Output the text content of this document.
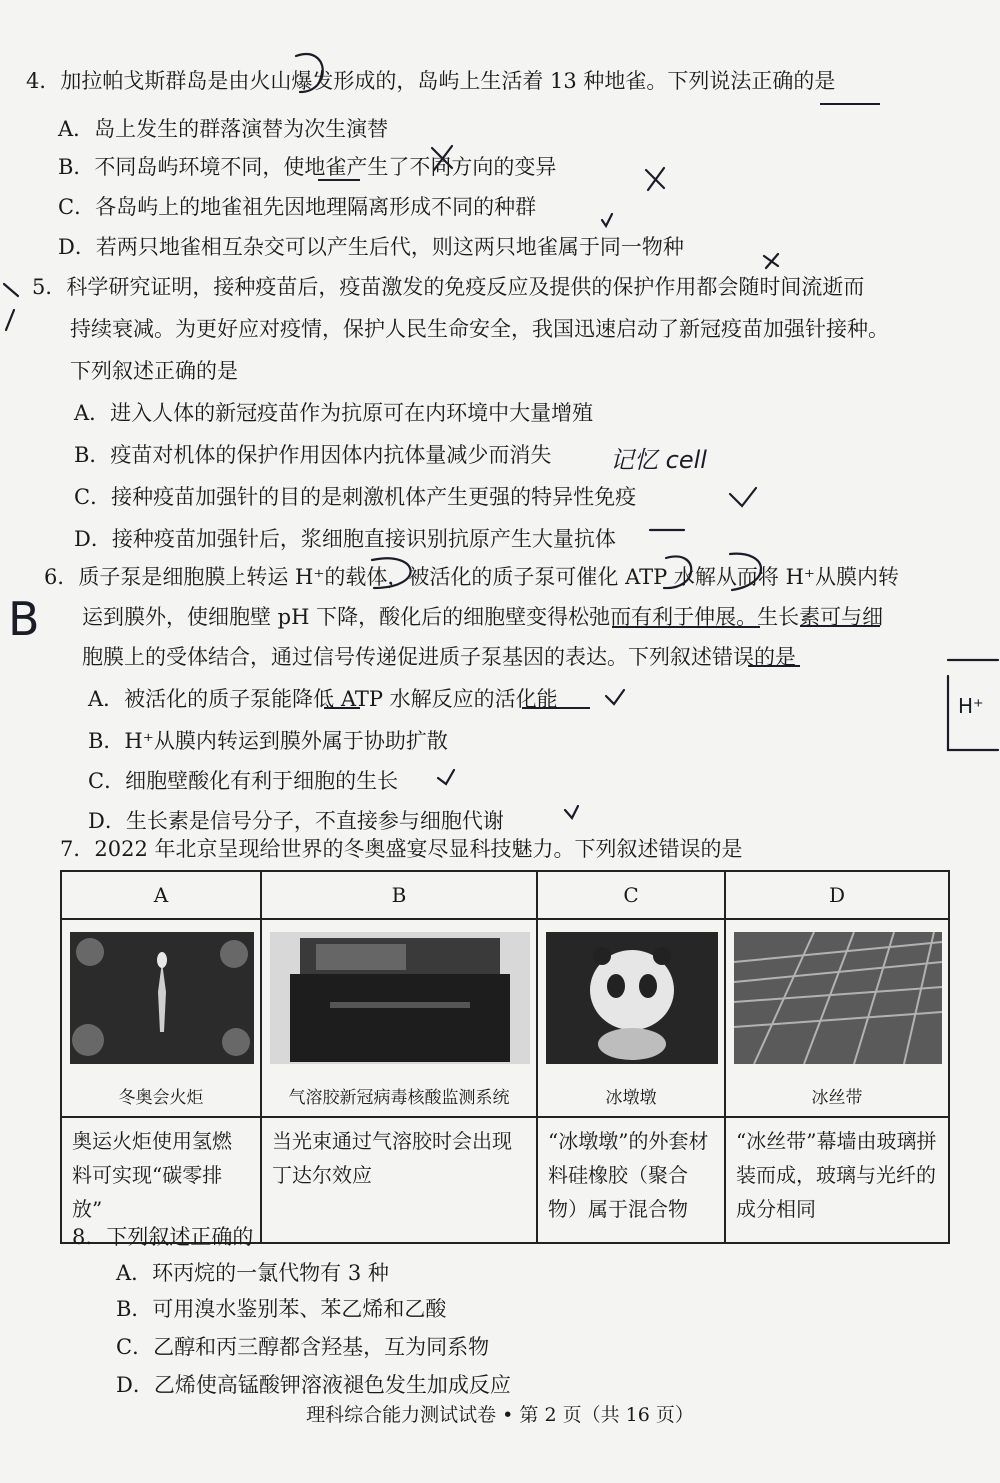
4．加拉帕戈斯群岛是由火山爆发形成的，岛屿上生活着 13 种地雀。下列说法正确的是
A．岛上发生的群落演替为次生演替
B．不同岛屿环境不同，使地雀产生了不同方向的变异
C．各岛屿上的地雀祖先因地理隔离形成不同的种群
D．若两只地雀相互杂交可以产生后代，则这两只地雀属于同一物种
5．科学研究证明，接种疫苗后，疫苗激发的免疫反应及提供的保护作用都会随时间流逝而
持续衰减。为更好应对疫情，保护人民生命安全，我国迅速启动了新冠疫苗加强针接种。
下列叙述正确的是
A．进入人体的新冠疫苗作为抗原可在内环境中大量增殖
B．疫苗对机体的保护作用因体内抗体量减少而消失
C．接种疫苗加强针的目的是刺激机体产生更强的特异性免疫
D．接种疫苗加强针后，浆细胞直接识别抗原产生大量抗体
6．质子泵是细胞膜上转运 H⁺的载体，被活化的质子泵可催化 ATP 水解从而将 H⁺从膜内转
运到膜外，使细胞壁 pH 下降，酸化后的细胞壁变得松弛而有利于伸展。生长素可与细
胞膜上的受体结合，通过信号传递促进质子泵基因的表达。下列叙述错误的是
A．被活化的质子泵能降低 ATP 水解反应的活化能
B．H⁺从膜内转运到膜外属于协助扩散
C．细胞壁酸化有利于细胞的生长
D．生长素是信号分子，不直接参与细胞代谢
7．2022 年北京呈现给世界的冬奥盛宴尽显科技魅力。下列叙述错误的是
A	B	C	D

冬奥会火炬	气溶胶新冠病毒核酸监测系统	冰墩墩	冰丝带

奥运火炬使用氢燃料可实现“碳零排放”	当光束通过气溶胶时会出现丁达尔效应	“冰墩墩”的外套材料硅橡胶（聚合物）属于混合物	“冰丝带”幕墙由玻璃拼装而成，玻璃与光纤的成分相同
8．下列叙述正确的
A．环丙烷的一氯代物有 3 种
B．可用溴水鉴别苯、苯乙烯和乙酸
C．乙醇和丙三醇都含羟基，互为同系物
D．乙烯使高锰酸钾溶液褪色发生加成反应
理科综合能力测试试卷 • 第 2 页（共 16 页）
记忆 cell
B
H⁺
